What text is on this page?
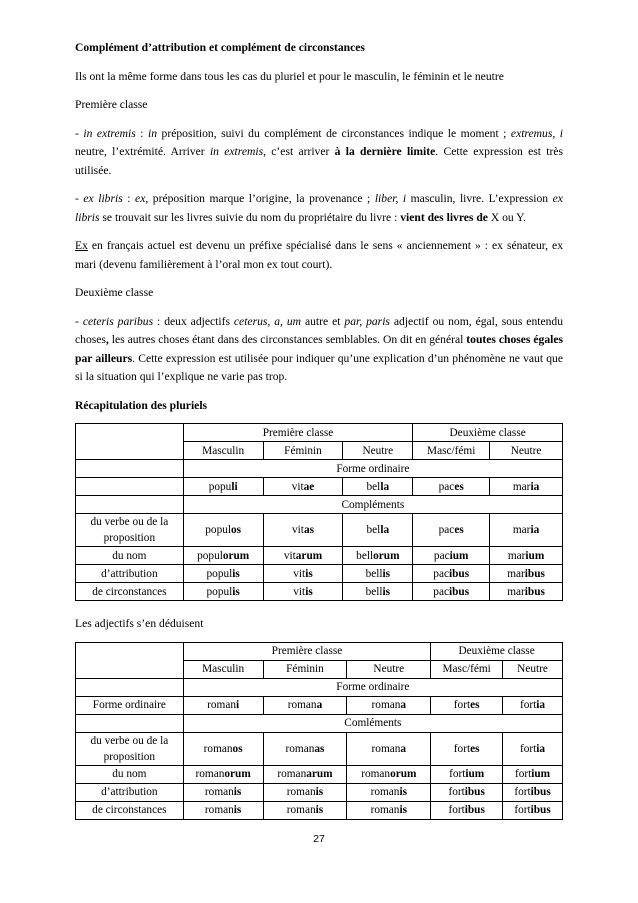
Complément d’attribution et complément de circonstances

Ils ont la même forme dans tous les cas du pluriel et pour le masculin, le féminin et le neutre

Première classe

- in extremis : in préposition, suivi du complément de circonstances indique le moment ; extremus, i neutre, l’extrémité. Arriver in extremis, c’est arriver à la dernière limite. Cette expression est très utilisée.

- ex libris : ex, préposition marque l’origine, la provenance ; liber, i masculin, livre. L’expression ex libris se trouvait sur les livres suivie du nom du propriétaire du livre : vient des livres de X ou Y.

Ex en français actuel est devenu un préfixe spécialisé dans le sens « anciennement » : ex sénateur, ex mari (devenu familièrement à l’oral mon ex tout court).

Deuxième classe

- ceteris paribus : deux adjectifs ceterus, a, um autre et par, paris adjectif ou nom, égal, sous entendu choses, les autres choses étant dans des circonstances semblables. On dit en général toutes choses égales par ailleurs. Cette expression est utilisée pour indiquer qu’une explication d’un phénomène ne vaut que si la situation qui l’explique ne varie pas trop.

Récapitulation des pluriels

	Première classe			Deuxième classe	
	Masculin	Féminin	Neutre	Masc/fémi	Neutre
	Forme ordinaire				
	populi	vitae	bella	paces	maria
	Compléments				
du verbe ou de la proposition	populos	vitas	bella	paces	maria
du nom	populorum	vitarum	bellorum	pacium	marium
d’attribution	populis	vitis	bellis	pacibus	maribus
de circonstances	populis	vitis	bellis	pacibus	maribus

Les adjectifs s’en déduisent

	Première classe			Deuxième classe	
	Masculin	Féminin	Neutre	Masc/fémi	Neutre
	Forme ordinaire				
Forme ordinaire	romani	romana	romana	fortes	fortia
	Comléments				
du verbe ou de la proposition	romanos	romanas	romana	fortes	fortia
du nom	romanorum	romanarum	romanorum	fortium	fortium
d’attribution	romanis	romanis	romanis	fortibus	fortibus
de circonstances	romanis	romanis	romanis	fortibus	fortibus
27
